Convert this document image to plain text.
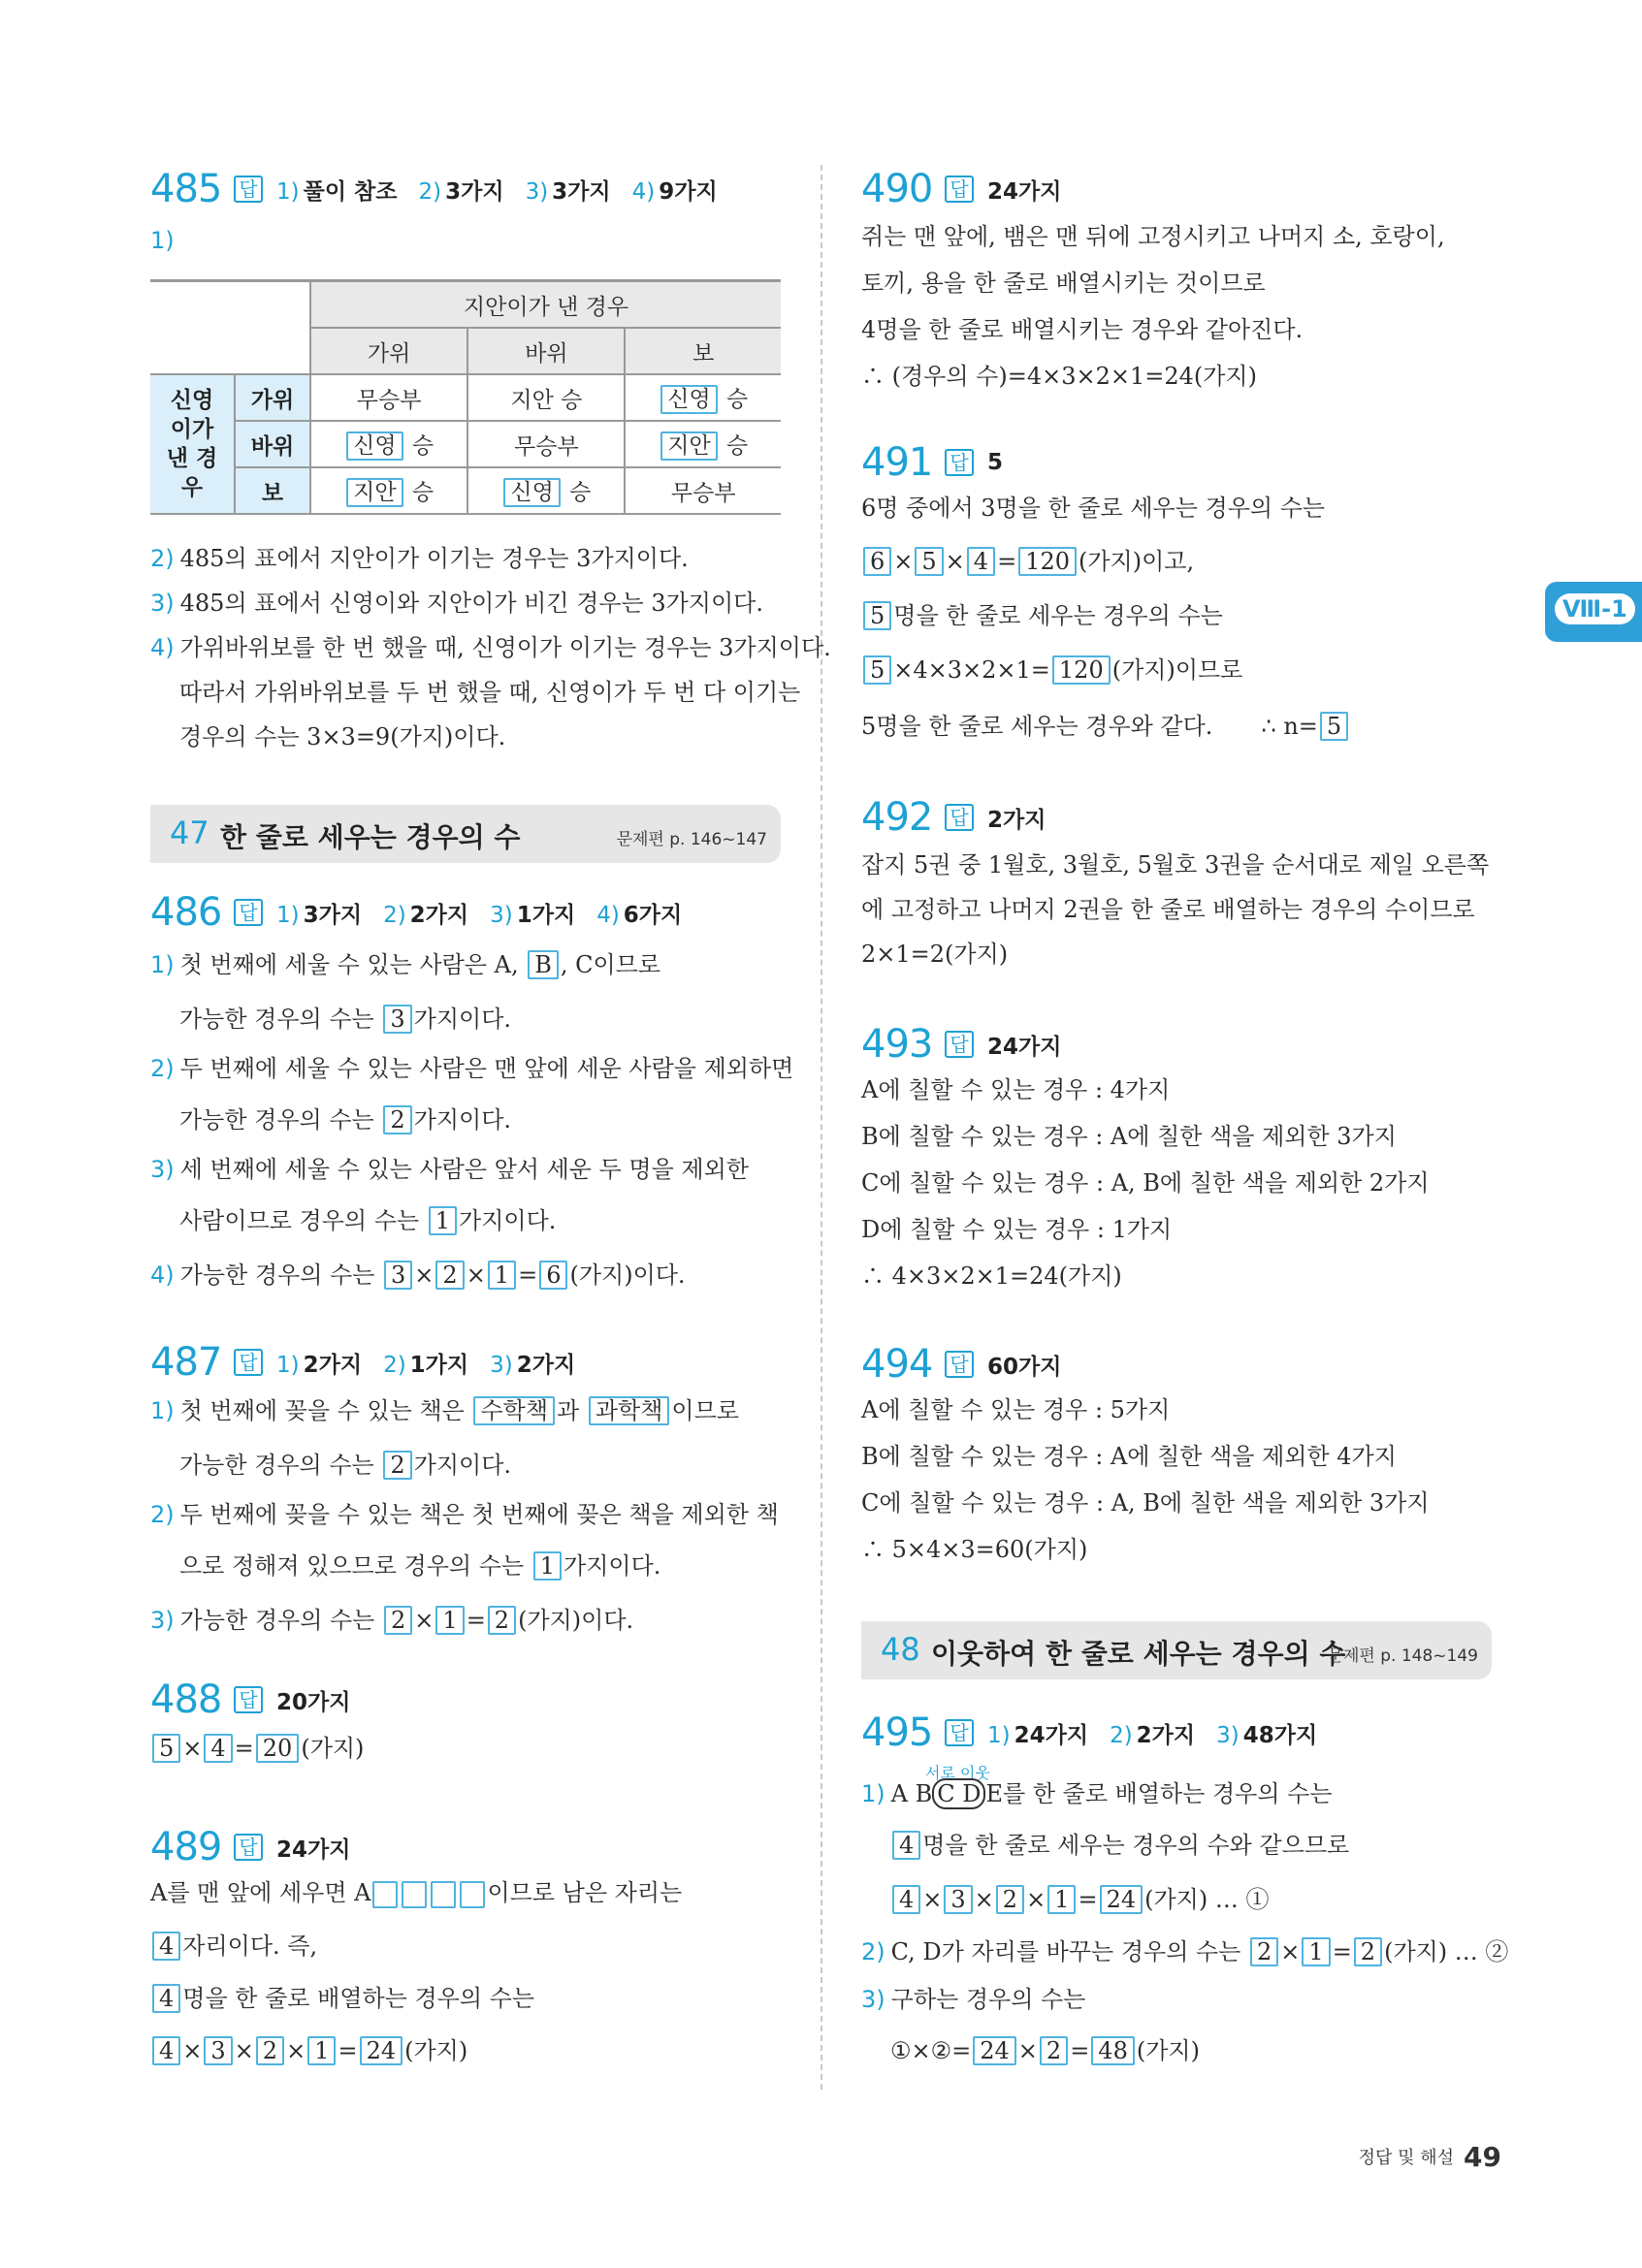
485 답 1) 풀이 참조 2) 3가지 3) 3가지 4) 9가지
1)
		지안이가 낸 경우		
		가위	바위	보
신영이가 낸 경우	가위	무승부	지안 승	신영 승
	바위	신영 승	무승부	지안 승
	보	지안 승	신영 승	무승부
2) 485의 표에서 지안이가 이기는 경우는 3가지이다.
3) 485의 표에서 신영이와 지안이가 비긴 경우는 3가지이다.
4) 가위바위보를 한 번 했을 때, 신영이가 이기는 경우는 3가지이다.
따라서 가위바위보를 두 번 했을 때, 신영이가 두 번 다 이기는
경우의 수는 3×3=9(가지)이다.
47 한 줄로 세우는 경우의 수	문제편 p. 146~147
486 답 1) 3가지 2) 2가지 3) 1가지 4) 6가지
1) 첫 번째에 세울 수 있는 사람은 A, B , C이므로
가능한 경우의 수는 3 가지이다.
2) 두 번째에 세울 수 있는 사람은 맨 앞에 세운 사람을 제외하면
가능한 경우의 수는 2 가지이다.
3) 세 번째에 세울 수 있는 사람은 앞서 세운 두 명을 제외한
사람이므로 경우의 수는 1 가지이다.
4) 가능한 경우의 수는 3 × 2 × 1 = 6 (가지)이다.
487 답 1) 2가지 2) 1가지 3) 2가지
1) 첫 번째에 꽂을 수 있는 책은 수학책 과 과학책 이므로
가능한 경우의 수는 2 가지이다.
2) 두 번째에 꽂을 수 있는 책은 첫 번째에 꽂은 책을 제외한 책
으로 정해져 있으므로 경우의 수는 1 가지이다.
3) 가능한 경우의 수는 2 × 1 = 2 (가지)이다.
488 답 20가지
5 × 4 = 20 (가지)
489 답 24가지
A를 맨 앞에 세우면 A	이므로 남은 자리는
4 자리이다. 즉,
4 명을 한 줄로 배열하는 경우의 수는
4 × 3 × 2 × 1 = 24 (가지)
490 답 24가지
쥐는 맨 앞에, 뱀은 맨 뒤에 고정시키고 나머지 소, 호랑이,
토끼, 용을 한 줄로 배열시키는 것이므로
4명을 한 줄로 배열시키는 경우와 같아진다.
∴ (경우의 수)=4×3×2×1=24(가지)
491 답 5
6명 중에서 3명을 한 줄로 세우는 경우의 수는
6 × 5 × 4 = 120 (가지)이고,
5 명을 한 줄로 세우는 경우의 수는
5 ×4×3×2×1= 120 (가지)이므로
5명을 한 줄로 세우는 경우와 같다. ∴ n= 5
492 답 2가지
잡지 5권 중 1월호, 3월호, 5월호 3권을 순서대로 제일 오른쪽
에 고정하고 나머지 2권을 한 줄로 배열하는 경우의 수이므로
2×1=2(가지)
493 답 24가지
A에 칠할 수 있는 경우 : 4가지
B에 칠할 수 있는 경우 : A에 칠한 색을 제외한 3가지
C에 칠할 수 있는 경우 : A, B에 칠한 색을 제외한 2가지
D에 칠할 수 있는 경우 : 1가지
∴ 4×3×2×1=24(가지)
494 답 60가지
A에 칠할 수 있는 경우 : 5가지
B에 칠할 수 있는 경우 : A에 칠한 색을 제외한 4가지
C에 칠할 수 있는 경우 : A, B에 칠한 색을 제외한 3가지
∴ 5×4×3=60(가지)
48 이웃하여 한 줄로 세우는 경우의 수
문제편 p. 148~149
495 답 1) 24가지 2) 2가지 3) 48가지
서로 이웃
1) A B C D E를 한 줄로 배열하는 경우의 수는
4 명을 한 줄로 세우는 경우의 수와 같으므로
4 × 3 × 2 × 1 = 24 (가지) … ①
2) C, D가 자리를 바꾸는 경우의 수는 2 × 1 = 2 (가지) … ②
3) 구하는 경우의 수는
①×②= 24 × 2 = 48 (가지)
Ⅷ-1
정답 및 해설 49
